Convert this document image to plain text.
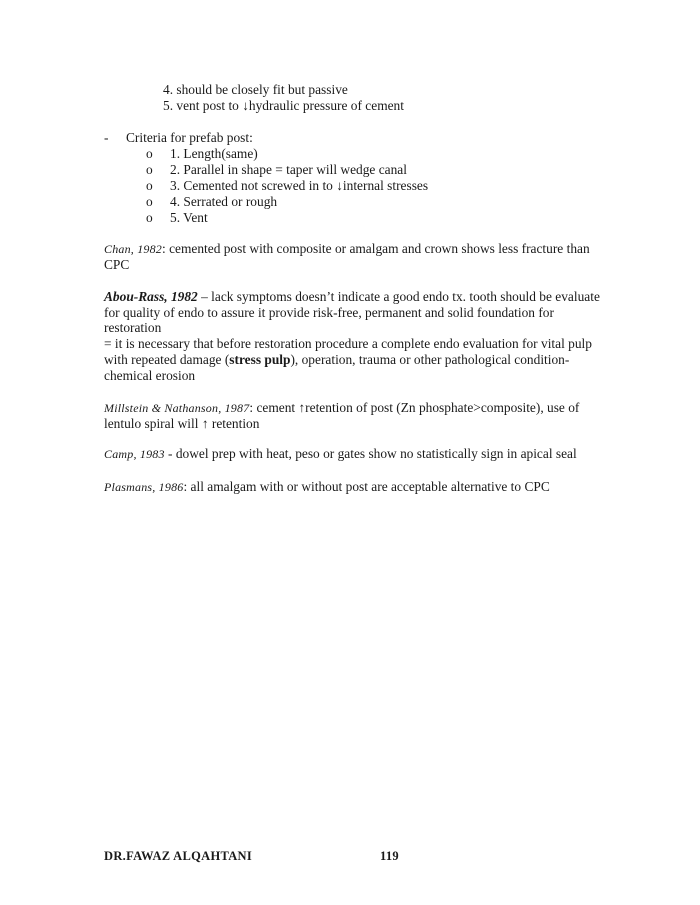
4. should be closely fit but passive
5. vent post to ↓hydraulic pressure of cement
- Criteria for prefab post:
o 1. Length(same)
o 2. Parallel in shape = taper will wedge canal
o 3. Cemented not screwed in to ↓internal stresses
o 4. Serrated or rough
o 5. Vent
Chan, 1982: cemented post with composite or amalgam and crown shows less fracture than
CPC
Abou-Rass, 1982 – lack symptoms doesn’t indicate a good endo tx. tooth should be evaluate
for quality of endo to assure it provide risk-free, permanent and solid foundation for
restoration
= it is necessary that before restoration procedure a complete endo evaluation for vital pulp
with repeated damage (stress pulp), operation, trauma or other pathological condition-
chemical erosion
Millstein & Nathanson, 1987: cement ↑retention of post (Zn phosphate>composite), use of
lentulo spiral will ↑ retention
Camp, 1983 - dowel prep with heat, peso or gates show no statistically sign in apical seal
Plasmans, 1986: all amalgam with or without post are acceptable alternative to CPC
DR.FAWAZ ALQAHTANI	119
